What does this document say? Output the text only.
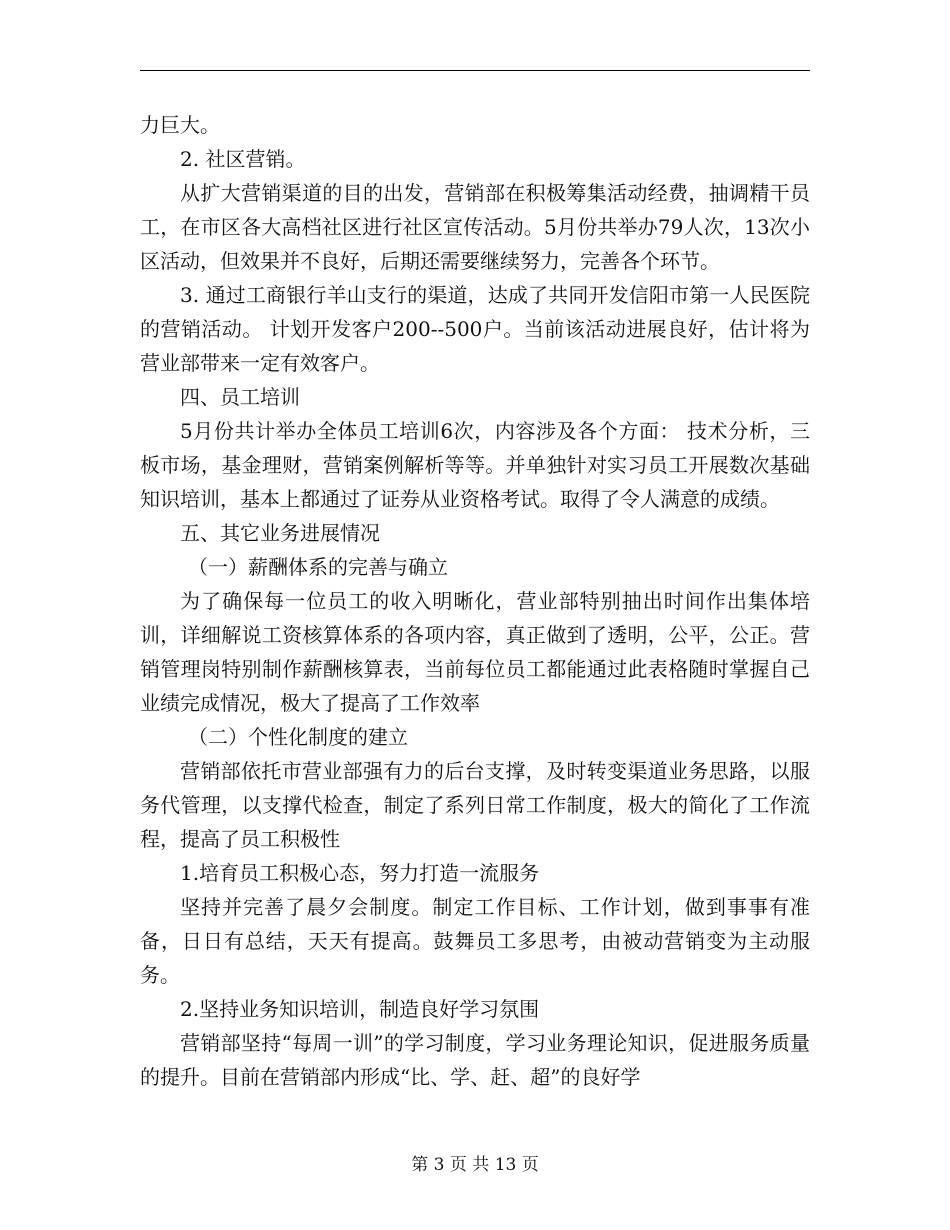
力巨大。

2. 社区营销。

从扩大营销渠道的目的出发，营销部在积极筹集活动经费，抽调精干员工，在市区各大高档社区进行社区宣传活动。5月份共举办79人次，13次小区活动，但效果并不良好，后期还需要继续努力，完善各个环节。

3. 通过工商银行羊山支行的渠道，达成了共同开发信阳市第一人民医院的营销活动。 计划开发客户200--500户。当前该活动进展良好，估计将为营业部带来一定有效客户。

四、员工培训

5月份共计举办全体员工培训6次，内容涉及各个方面： 技术分析，三板市场，基金理财，营销案例解析等等。并单独针对实习员工开展数次基础知识培训，基本上都通过了证券从业资格考试。取得了令人满意的成绩。

五、其它业务进展情况

（一）薪酬体系的完善与确立

为了确保每一位员工的收入明晰化，营业部特别抽出时间作出集体培训，详细解说工资核算体系的各项内容，真正做到了透明，公平，公正。营销管理岗特别制作薪酬核算表，当前每位员工都能通过此表格随时掌握自己业绩完成情况，极大了提高了工作效率

（二）个性化制度的建立

营销部依托市营业部强有力的后台支撑，及时转变渠道业务思路，以服务代管理，以支撑代检查，制定了系列日常工作制度，极大的简化了工作流程，提高了员工积极性

1.培育员工积极心态，努力打造一流服务

坚持并完善了晨夕会制度。制定工作目标、工作计划，做到事事有准备，日日有总结，天天有提高。鼓舞员工多思考，由被动营销变为主动服务。

2.坚持业务知识培训，制造良好学习氛围

营销部坚持“每周一训”的学习制度，学习业务理论知识，促进服务质量的提升。目前在营销部内形成“比、学、赶、超”的良好学

第 3 页 共 13 页
